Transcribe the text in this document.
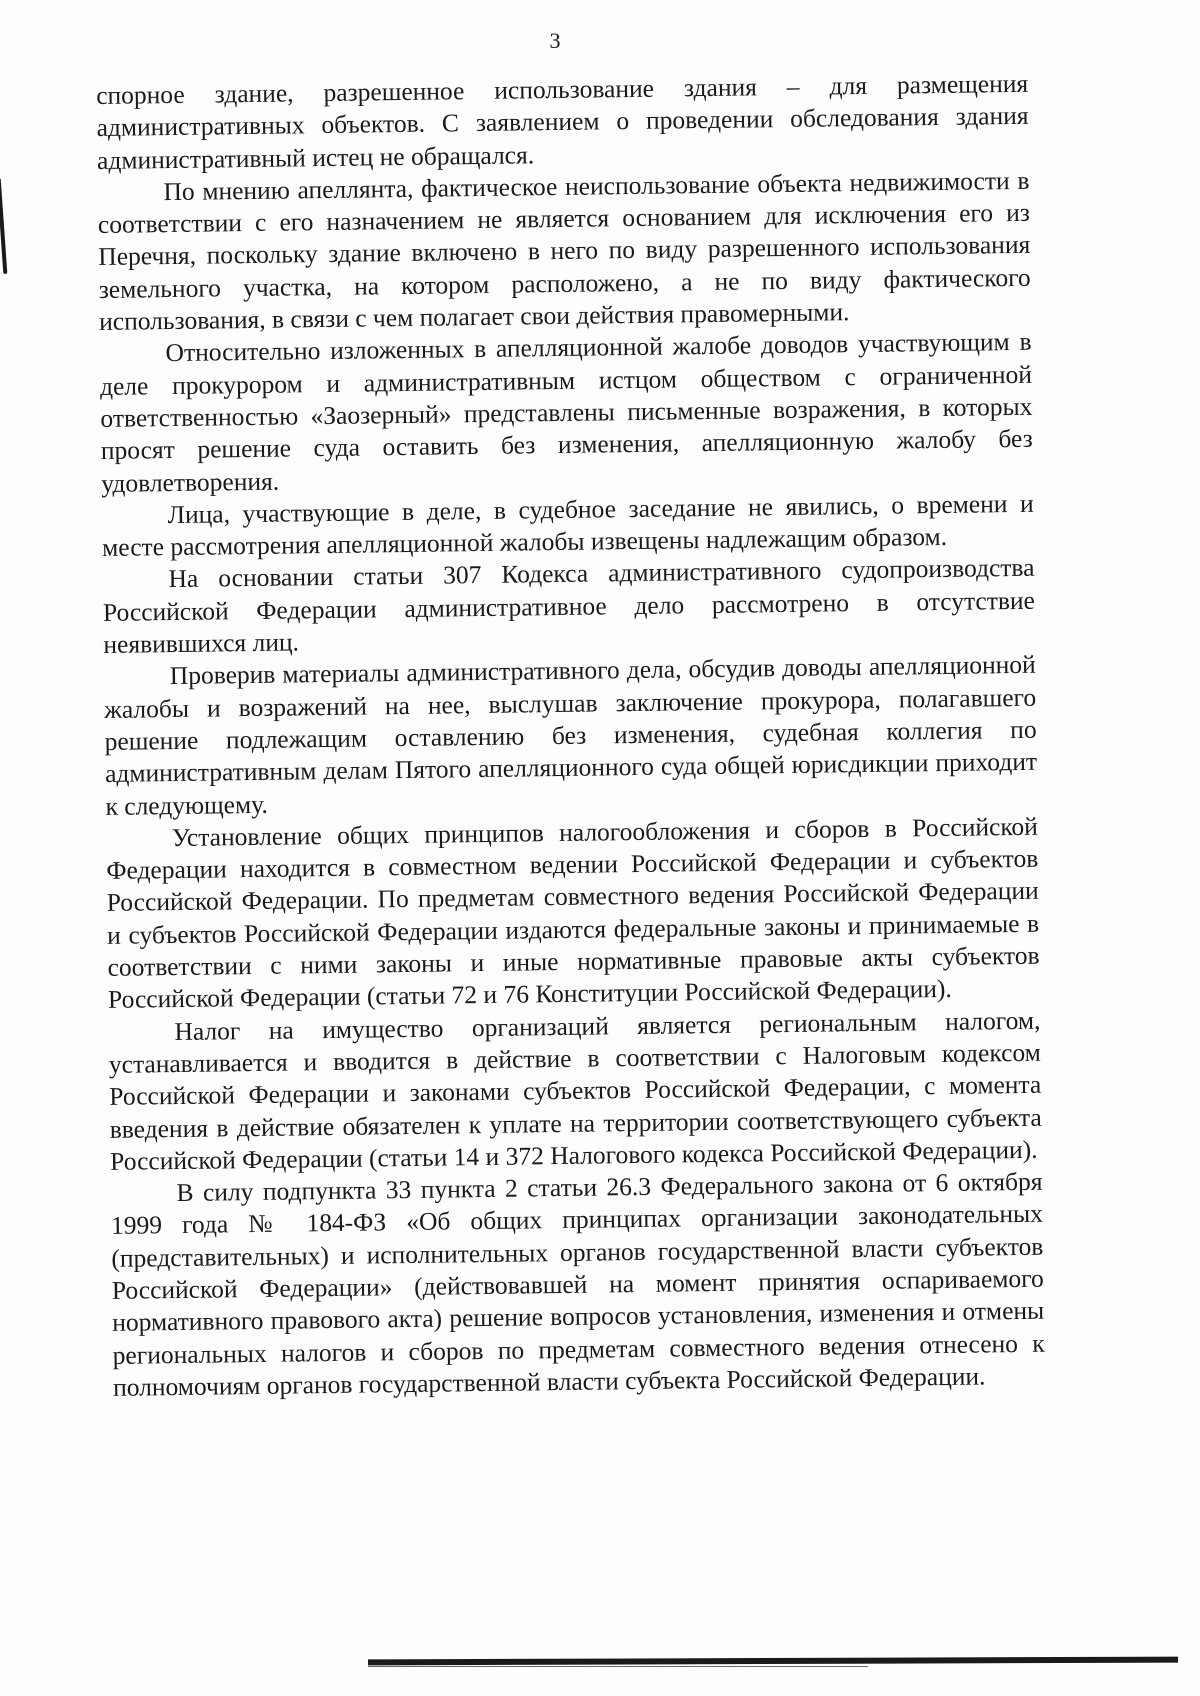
3

спорное здание, разрешенное использование здания – для размещения административных объектов. С заявлением о проведении обследования здания административный истец не обращался.

По мнению апеллянта, фактическое неиспользование объекта недвижимости в соответствии с его назначением не является основанием для исключения его из Перечня, поскольку здание включено в него по виду разрешенного использования земельного участка, на котором расположено, а не по виду фактического использования, в связи с чем полагает свои действия правомерными.

Относительно изложенных в апелляционной жалобе доводов участвующим в деле прокурором и административным истцом обществом с ограниченной ответственностью «Заозерный» представлены письменные возражения, в которых просят решение суда оставить без изменения, апелляционную жалобу без удовлетворения.

Лица, участвующие в деле, в судебное заседание не явились, о времени и месте рассмотрения апелляционной жалобы извещены надлежащим образом.

На основании статьи 307 Кодекса административного судопроизводства Российской Федерации административное дело рассмотрено в отсутствие неявившихся лиц.

Проверив материалы административного дела, обсудив доводы апелляционной жалобы и возражений на нее, выслушав заключение прокурора, полагавшего решение подлежащим оставлению без изменения, судебная коллегия по административным делам Пятого апелляционного суда общей юрисдикции приходит к следующему.

Установление общих принципов налогообложения и сборов в Российской Федерации находится в совместном ведении Российской Федерации и субъектов Российской Федерации. По предметам совместного ведения Российской Федерации и субъектов Российской Федерации издаются федеральные законы и принимаемые в соответствии с ними законы и иные нормативные правовые акты субъектов Российской Федерации (статьи 72 и 76 Конституции Российской Федерации).

Налог на имущество организаций является региональным налогом, устанавливается и вводится в действие в соответствии с Налоговым кодексом Российской Федерации и законами субъектов Российской Федерации, с момента введения в действие обязателен к уплате на территории соответствующего субъекта Российской Федерации (статьи 14 и 372 Налогового кодекса Российской Федерации).

В силу подпункта 33 пункта 2 статьи 26.3 Федерального закона от 6 октября 1999 года № 184-ФЗ «Об общих принципах организации законодательных (представительных) и исполнительных органов государственной власти субъектов Российской Федерации» (действовавшей на момент принятия оспариваемого нормативного правового акта) решение вопросов установления, изменения и отмены региональных налогов и сборов по предметам совместного ведения отнесено к полномочиям органов государственной власти субъекта Российской Федерации.
